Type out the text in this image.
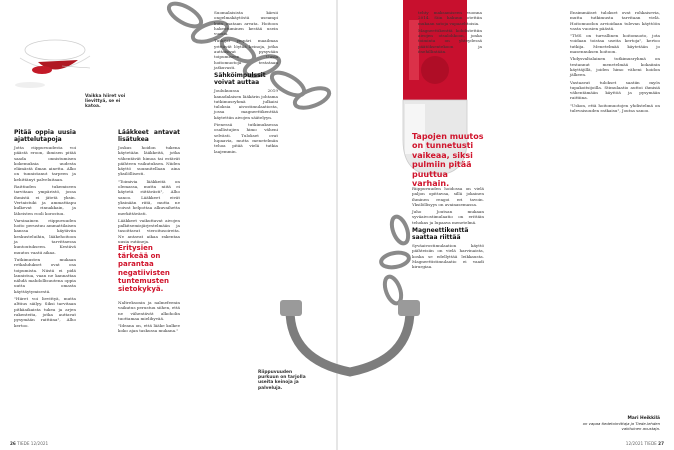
Vaikka hiiret voi lievittyä, se ei katoa.
Riippuvuuden purkuun on tarjolla useita keinoja ja palveluja.
Pitää oppia uusia ajattelutapoja

Jotta riippuvuudesta voi päästä eroon, ihmisen pitää saada onnistumisen kokemuksia uudesta elämästä ilman ainetta. Alko on tunnistanut tarpeen ja kehittänyt palveluitaan.

Raittiuden tukemiseen tarvitaan ympäristö, jossa ihmistä ei jätetä yksin. Vertaistuki ja ammattiapu kulkevat rinnakkain, ja läheisten rooli korostuu.

Varsinainen riippuvuuden hoito perustuu ammattilaisen kanssa käytäviin keskusteluihin, lääkehoitoon ja tarvittaessa kuntoutukseen. Kestävä muutos vaatii aikaa.

Tutkimusten mukaan retkahdukset ovat osa toipumista. Niistä ei pidä lannistua, vaan ne kannattaa nähdä mahdollisuutena oppia uutta omasta käyttäytymisestä.

"Hiiret voi lievittyä, mutta alttius säilyy. Siksi tarvitaan pitkäaikaista tukea ja arjen rakenteita, jotka auttavat pysymään raittiina", Alho kertoo.

Lääkkeet antavat lisätukea

Joskus hoidon tukena käytetään lääkkeitä, jotka vähentävät himoa tai estävät päihteen vaikutuksen. Niiden käyttö suunnitellaan aina yksilöllisesti.

"Toimivia lääkkeitä on olemassa, mutta niitä ei käytetä riittävästi", Alho sanoo. Lääkkeet eivät yksinään riitä, mutta ne voivat helpottaa alkuvaihetta merkittävästi.

Lääkkeet vaikuttavat aivojen palkitsemisjärjestelmään ja tasoittavat vieroitusoireita. Ne antavat aikaa rakentaa uusia rutiineja.

Eritysien tärkeää on parantaa negatiivisten tuntemusten sietokykyä.

Naltreksonin ja nalmefeenin vaikutus perustuu siihen, että ne vähentävät alkoholin tuottamaa mielihyvää.

"Ideana on, että lääke kulkee koko ajan taskussa mukana."

Suomalaisista kärsii ongelmakäytöstä useampi kuin osataan arvata. Hoitoon hakeutuminen kestää usein vuosia.

Tutkijat ympäri maailmaa yrittävät löytää keinoja, jotka auttaisivat pysyvään toipumiseen. Uusia hoitomuotoja testataan jatkuvasti.

Sähköimpulssit voivat auttaa

Joulukuussa 2019 kanadalaisen lääkärin johtama tutkimusryhmä julkaisi tuloksia aivostimulaatiosta, jossa magneettikenttää käytettiin aivojen säätelyyn.

Pienessä tutkimuksessa osallistujien himo väheni selvästi. Tulokset ovat lupaavia, mutta menetelmän tehoa pitää vielä tutkia laajemmin.

26 TIEDE 12/2021

tehty maksamiseen vuonna 2014. Siin hakuun otettiin mukaan satoja vapaaehtoisia.

Magneettikenttä kohdistettiin aivojen otsalohkoon, jonka toiminta on yhteydessä päätöksentekoon ja itsehillintään.

Tapojen muutos on tunnetusti vaikeaa, siksi pulmiin pitää puuttua varhain.

Riippuvuuden hoidossa on vielä paljon opittavaa, sillä jokainen ihminen reagoi eri tavoin. Yksilöllisyys on avainasemassa.

Juho Joutsan mukaan syväaivostimulaatio on erittäin tehokas ja lupaava menetelmä.

Magneettikenttä saattaa riittää

Syväaivostimulaation käyttö päihteisiin on vielä harvinaista, koska se edellyttää leikkausta. Magneettistimulaatio ei vaadi kirurgiaa.

Ensimmäiset tulokset ovat rohkaisevia, mutta tutkimusta tarvitaan vielä. Hoitomuodon arvioidaan tulevan käyttöön vasta vuosien päästä.

"TMS on turvallinen hoitomuoto, jota voidaan toistaa useita kertoja", kertoo tutkija. Menetelmää käytetään jo masennuksen hoitoon.

Yhdysvaltalainen tutkimusryhmä on testannut menetelmää kokaiinin käyttäjillä, joiden himo väheni hoidon jälkeen.

Vastaavat tulokset saatiin myös tupakoitsijoilla. Stimulaatio auttoi ihmisiä vähentämään käyttöä ja pysymään raittiina.

"Uskon, että hoitomuotojen yhdistelmä on tulevaisuuden ratkaisu", Joutsa sanoo.

Mari Heikkilä
on vapaa tiedetoimittaja ja Tiede-lehden vakituinen avustaja.
12/2021 TIEDE 27
